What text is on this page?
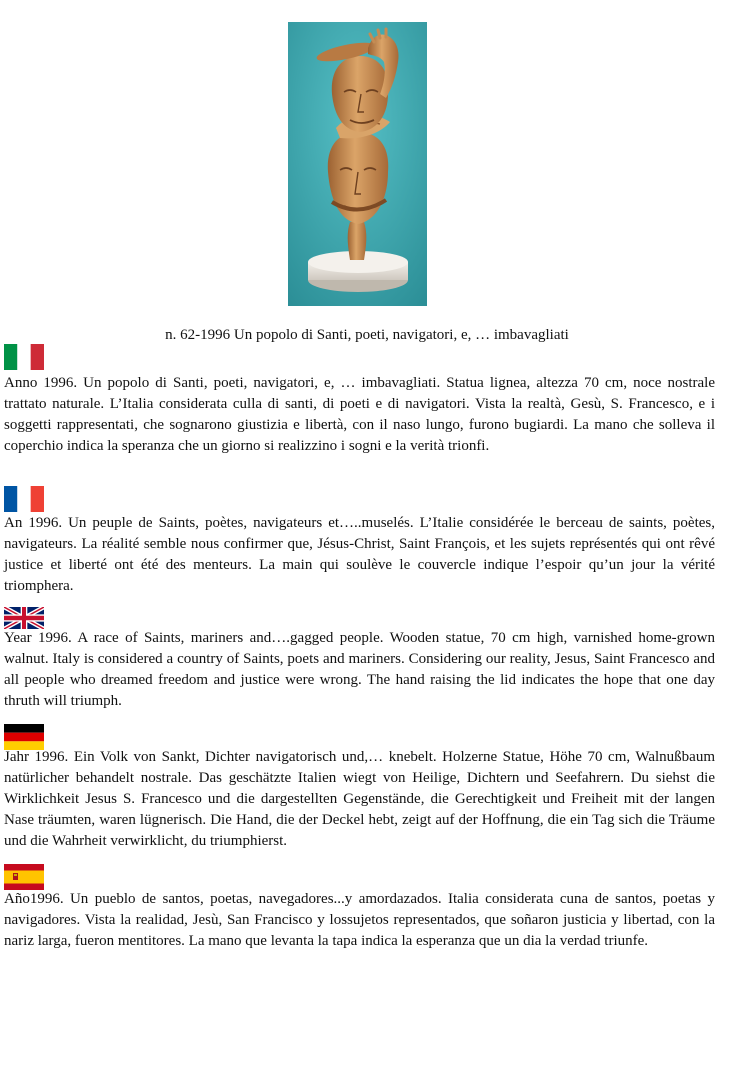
n. 62-1996 Un popolo di Santi, poeti, navigatori, e, … imbavagliati

Anno 1996. Un popolo di Santi, poeti, navigatori, e, … imbavagliati. Statua lignea, altezza 70 cm, noce nostrale trattato naturale. L’Italia considerata culla di santi, di poeti e di navigatori. Vista la realtà, Gesù, S. Francesco, e i soggetti rappresentati, che sognarono giustizia e libertà, con il naso lungo, furono bugiardi. La mano che solleva il coperchio indica la speranza che un giorno si realizzino i sogni e la verità trionfi.

An 1996. Un peuple de Saints, poètes, navigateurs et…..muselés. L’Italie considérée le berceau de saints, poètes, navigateurs. La réalité semble nous confirmer que, Jésus-Christ, Saint François, et les sujets représentés qui ont rêvé justice et liberté ont été des menteurs. La main qui soulève le couvercle indique l’espoir qu’un jour la vérité triomphera.

Year 1996. A race of Saints, mariners and….gagged people. Wooden statue, 70 cm high, varnished home-grown walnut. Italy is considered a country of Saints, poets and mariners. Considering our reality, Jesus, Saint Francesco and all people who dreamed freedom and justice were wrong. The hand raising the lid indicates the hope that one day thruth will triumph.

Jahr 1996. Ein Volk von Sankt, Dichter navigatorisch und,… knebelt. Holzerne Statue, Höhe 70 cm, Walnußbaum natürlicher behandelt nostrale. Das geschätzte Italien wiegt von Heilige, Dichtern und Seefahrern. Du siehst die Wirklichkeit Jesus S. Francesco und die dargestellten Gegenstände, die Gerechtigkeit und Freiheit mit der langen Nase träumten, waren lügnerisch. Die Hand, die der Deckel hebt, zeigt auf der Hoffnung, die ein Tag sich die Träume und die Wahrheit verwirklicht, du triumphierst.

Año1996. Un pueblo de santos, poetas, navegadores...y amordazados. Italia considerata cuna de santos, poetas y navigadores. Vista la realidad, Jesù, San Francisco y lossujetos representados, que soñaron justicia y libertad, con la nariz larga, fueron mentitores. La mano que levanta la tapa indica la esperanza que un dia la verdad triunfe.
